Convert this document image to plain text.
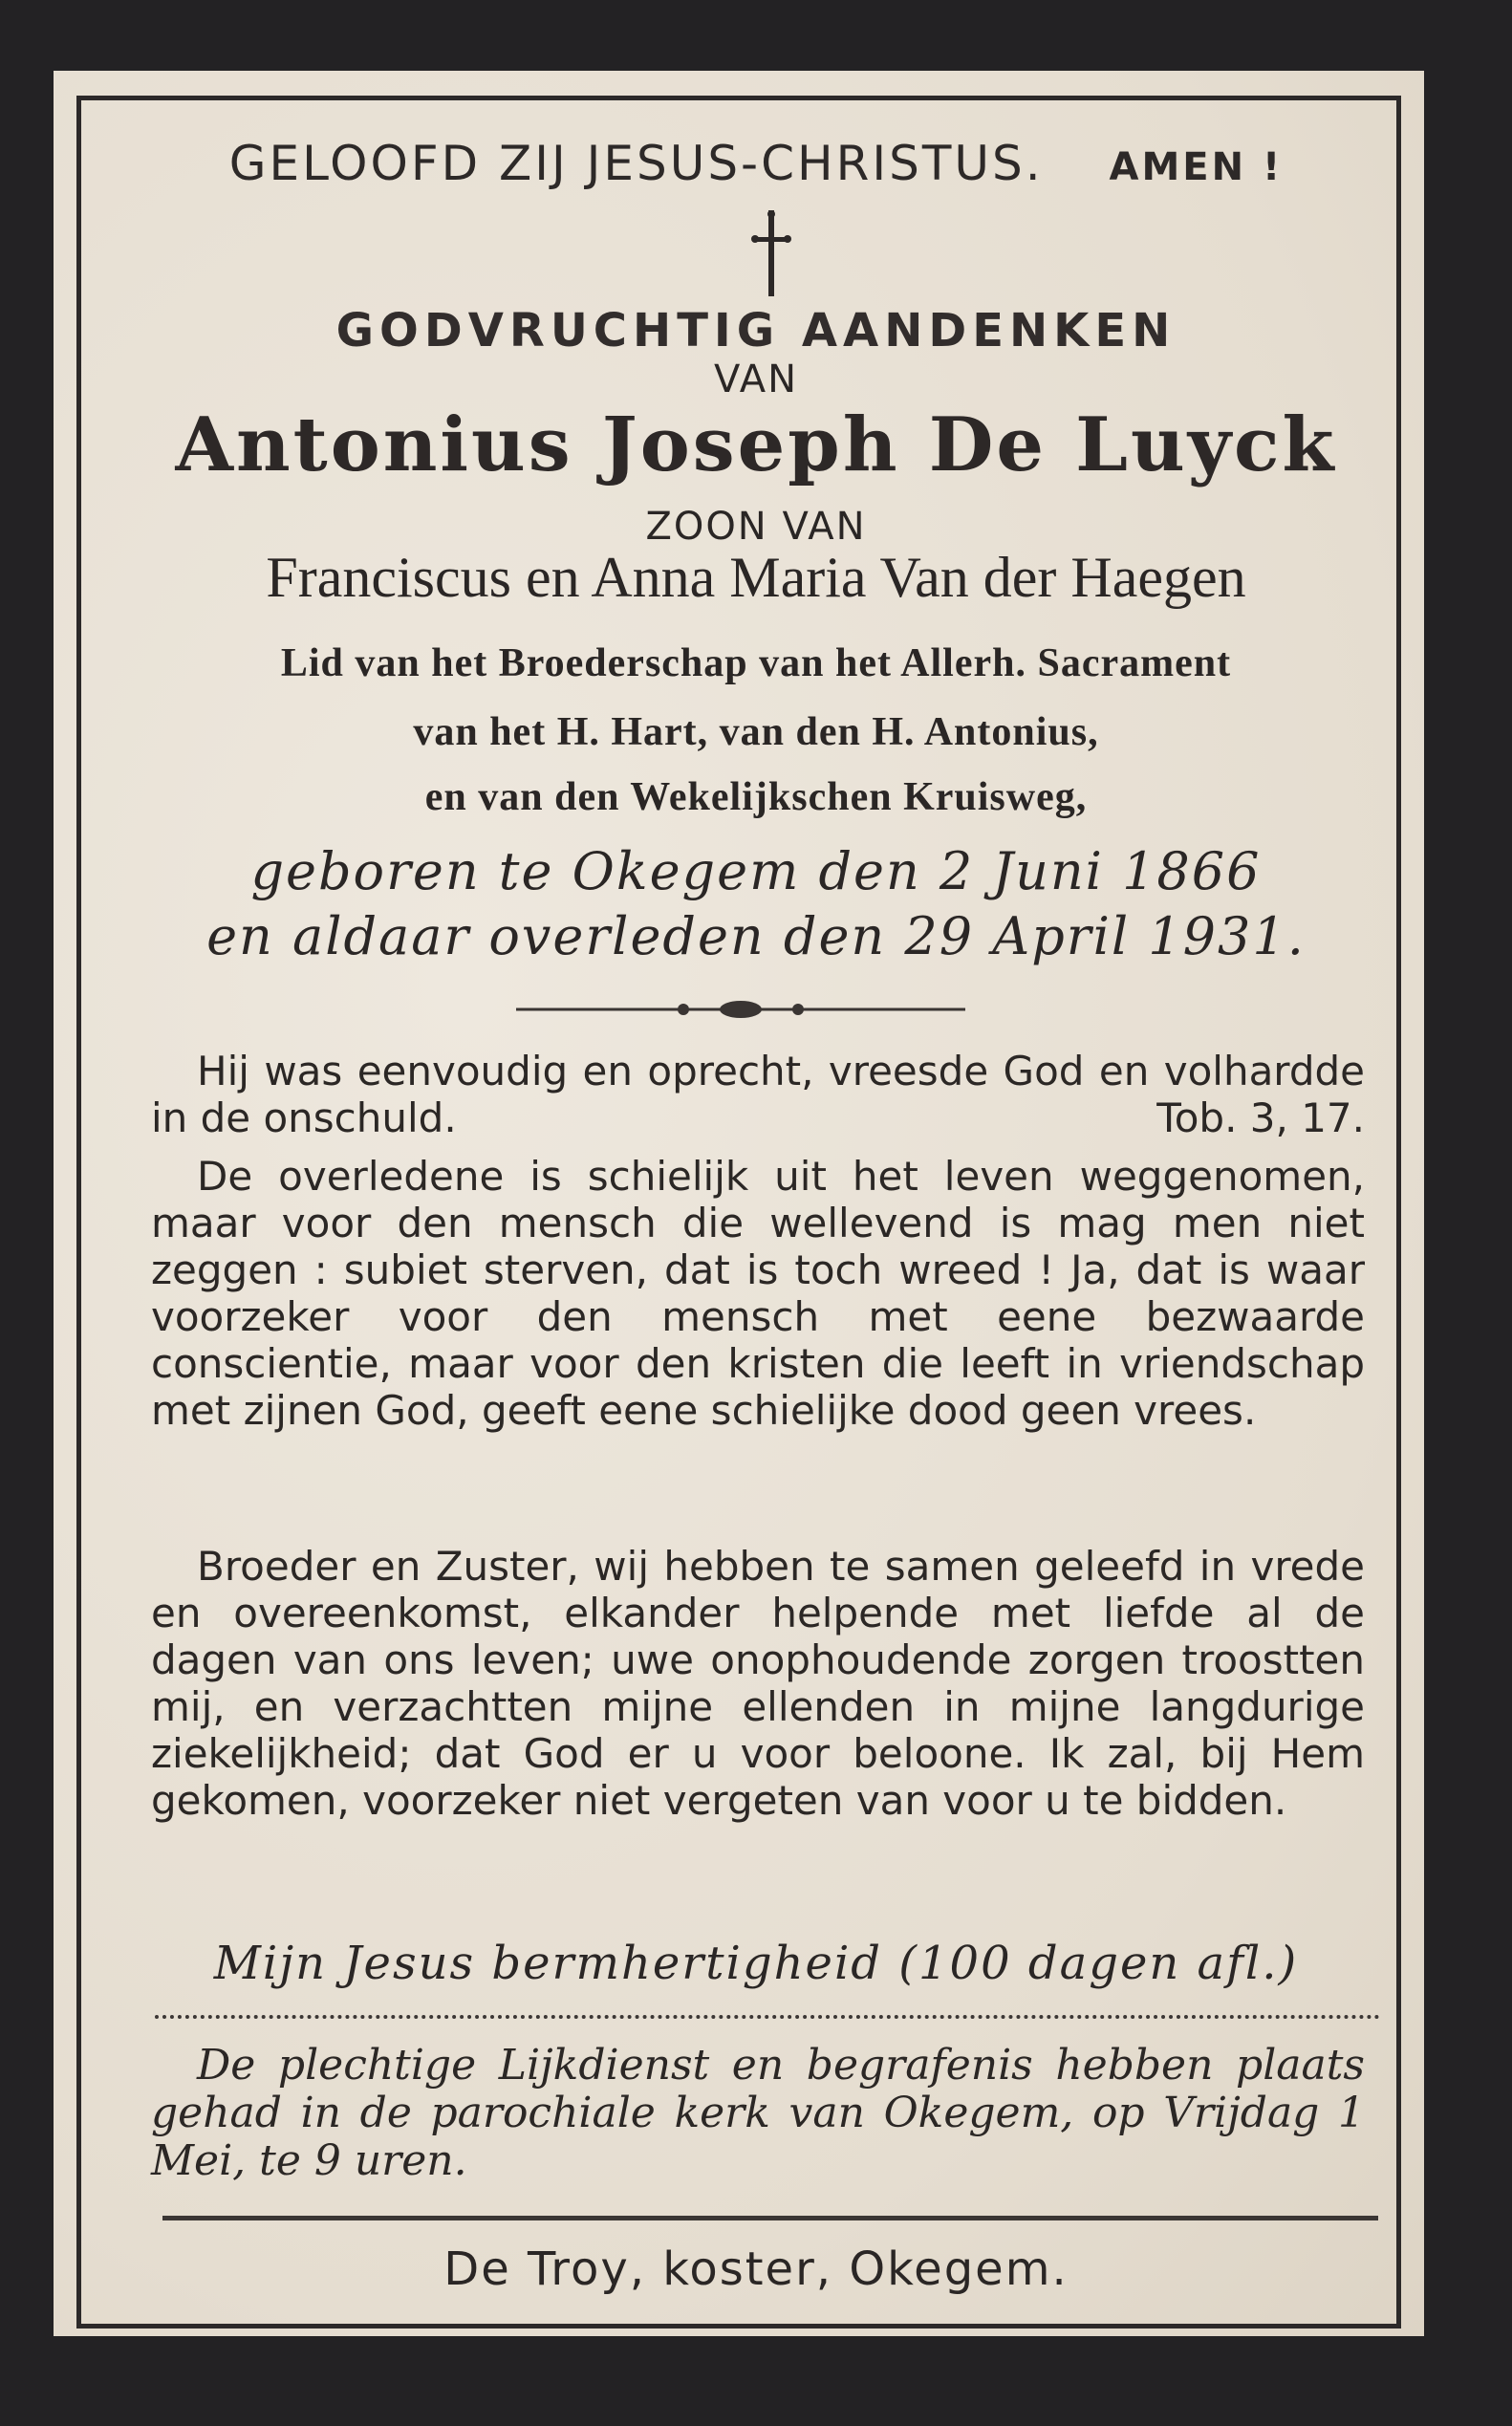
GELOOFD ZIJ JESUS-CHRISTUS. AMEN !
GODVRUCHTIG AANDENKEN
VAN
Antonius Joseph De Luyck
ZOON VAN
Franciscus en Anna Maria Van der Haegen
Lid van het Broederschap van het Allerh. Sacrament
van het H. Hart, van den H. Antonius,
en van den Wekelijkschen Kruisweg,
geboren te Okegem den 2 Juni 1866
en aldaar overleden den 29 April 1931.

Hij was eenvoudig en oprecht, vreesde God en volhardde in de onschuld.	Tob. 3, 17.

De overledene is schielijk uit het leven weggenomen, maar voor den mensch die wellevend is mag men niet zeggen : subiet sterven, dat is toch wreed ! Ja, dat is waar voorzeker voor den mensch met eene bezwaarde conscientie, maar voor den kristen die leeft in vriendschap met zijnen God, geeft eene schielijke dood geen vrees.

Broeder en Zuster, wij hebben te samen geleefd in vrede en overeenkomst, elkander helpende met liefde al de dagen van ons leven; uwe onophoudende zorgen troostten mij, en verzachtten mijne ellenden in mijne langdurige ziekelijkheid; dat God er u voor beloone. Ik zal, bij Hem gekomen, voorzeker niet vergeten van voor u te bidden.

Mijn Jesus bermhertigheid (100 dagen afl.)

De plechtige Lijkdienst en begrafenis hebben plaats gehad in de parochiale kerk van Okegem, op Vrijdag 1 Mei, te 9 uren.

De Troy, koster, Okegem.
